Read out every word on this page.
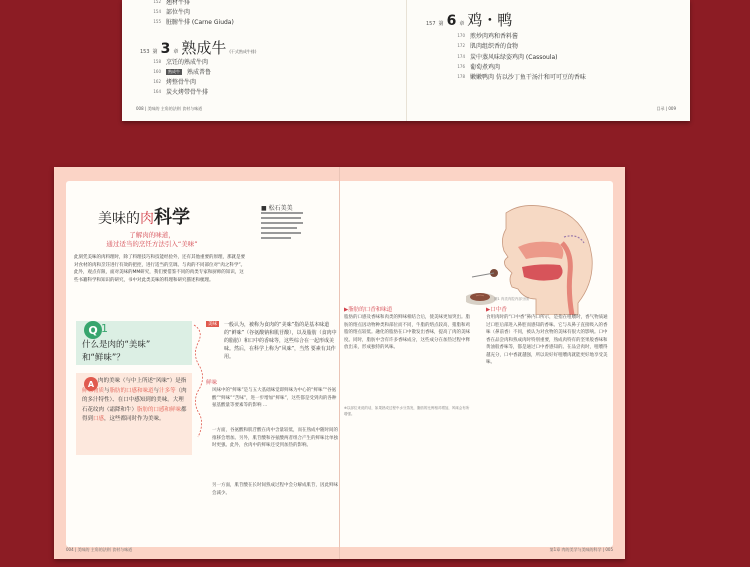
152 翘材牛排
154 部位牛肉
155 脏腑牛排 (Carne Giuda)
153 第 3 章 熟成牛 (干式熟成牛排)
158 烹饪的熟成牛肉
160	熟成牛	熟成普鲁
162 烤整骨牛肉
164 炭火烤带骨牛排
008 | 美味的 主角的法则 食材与味道
157 第 6 章 鸡・鸭
170 煎炒肉鸡和香料酱
172 肌肉组织香的食物
174 炭中蒸风味绿姿鸡肉 (Cassoula)
176 葡萄煮鸡肉
178 嫩嫩鸭肉 仿以沙丁鱼干汤汁和可可豆的香味
目录 | 009
美味的 肉 科学
了解肉的味道，
通过适当的烹饪方法引入“美味”
■ 松石美美
此刻凭美味的肉料理时，除了料理技巧和技能经验外，还有其他重要的原理，那就是要对食材的肉和烹饪进行有效的把控，进行适当的烹调。与肉的不同部位对“肉之科学”。此外，观点有限，面对美味的MM研究，我们要借鉴不同的肉类专家和厨师的知识，这些书籍科学和知识的研究，书中对此类美味的料理和研究描述和梳理。
图1 肉类肉腔内部分图
Q 1
什么是肉的“美味”
和“鲜味”？
A 肉的美味（与中上所述“风味”）是指鲜味物质与脂肪的口感和味道与汁多等（肉的多汁特性）、在口中感知到的美味。大理石花纹肉（霜降和牛）脂肪的口感和鲜味都得到口感，这些都同时作为美味。
美味	一般认为，被称为食肉的“美味”指的是基本味道的“鲜味”（谷氨酸钠和肌苷酸），以及脂肪（食肉中的脂肪）和口中的香味等，这些综合在一起形成美味。然后，在科学上称为“风味”，当然 要素有其作用。
鲜味
风味中的“鲜味”是与五大基础味觉即鲜味为中心的“鲜味”“谷氨酸”“鲜味”“苦味”，进一步增加“鲜味”，这些都是受到肉的各种氨基酸量等要素等的影响 ...
一方面，谷氨酸和肌苷酸在肉中含量较低，而在熟成中随时间的推移会增加。另外，肌苷酸和谷氨酸两者组合产生的鲜味比单独时更强。此外，食肉中的鲜味还受到加热的影响。
另一方面，肌苷酸在长时间熟成过程中会分解成肌苷，因此鲜味会减少。
▶脂肪的口香和味道
脂肪的口感及香味和肉类的鲜味相结合后，使美味更加突出。脂肪的熔点因动物种类和部位而不同，牛脂的熔点较高，猪脂和鸡脂的熔点较低。融化的脂肪在口中散发出香味，提高了肉的美味度。同时，脂肪中含有许多香味成分，这些成分在加热过程中释放出来，形成独特的风味。
※以部位来说的话，如果熟成过程中水分蒸发，脂肪的比例相对增加，风味会有所增强。
▶口中香
食用肉时的“口中香”鼻内口所示，是指在咀嚼时，香气物质通过口腔后部进入鼻腔而感知的香味。它与从鼻子直接吸入的香味（鼻前香）不同，被认为对食物的美味有很大的影响。口中香在品尝肉和熟成肉时特别重要，熟成肉特有的坚果般香味和黄油般香味等，都是通过口中香感知的。在品尝肉时，咀嚼得越充分，口中香就越强，所以说好好咀嚼肉就能更好地享受美味。
004 | 美味的 主角的法则 食材与味道	第1章 肉的美学与美味的科学 | 005
